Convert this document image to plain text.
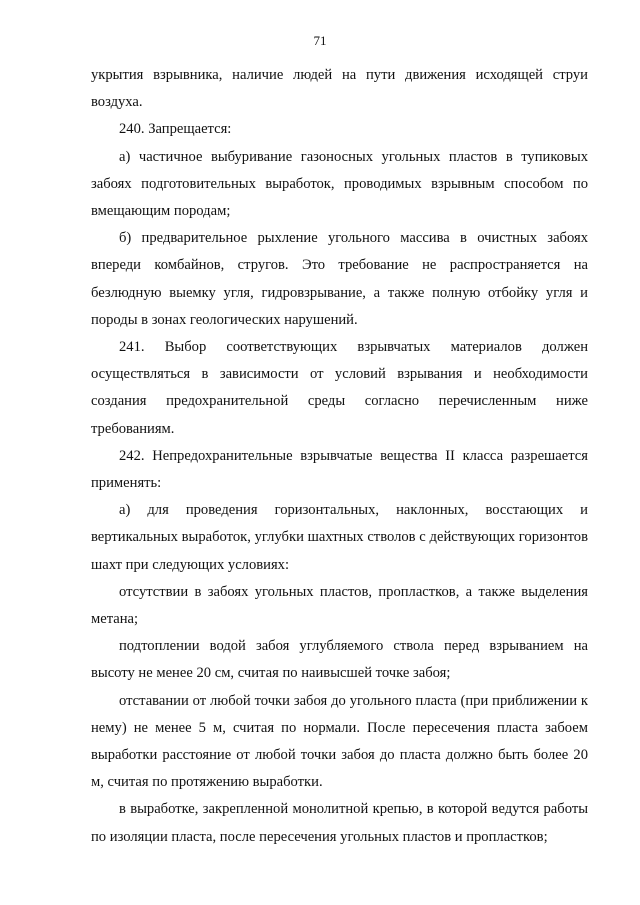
71

укрытия взрывника, наличие людей на пути движения исходящей струи воздуха.

240. Запрещается:

а) частичное выбуривание газоносных угольных пластов в тупиковых забоях подготовительных выработок, проводимых взрывным способом по вмещающим породам;

б) предварительное рыхление угольного массива в очистных забоях впереди комбайнов, стругов. Это требование не распространяется на безлюдную выемку угля, гидровзрывание, а также полную отбойку угля и породы в зонах геологических нарушений.

241. Выбор соответствующих взрывчатых материалов должен осуществляться в зависимости от условий взрывания и необходимости создания предохранительной среды согласно перечисленным ниже требованиям.

242. Непредохранительные взрывчатые вещества II класса разрешается применять:

а) для проведения горизонтальных, наклонных, восстающих и вертикальных выработок, углубки шахтных стволов с действующих горизонтов шахт при следующих условиях:

отсутствии в забоях угольных пластов, пропластков, а также выделения метана;

подтоплении водой забоя углубляемого ствола перед взрыванием на высоту не менее 20 см, считая по наивысшей точке забоя;

отставании от любой точки забоя до угольного пласта (при приближении к нему) не менее 5 м, считая по нормали. После пересечения пласта забоем выработки расстояние от любой точки забоя до пласта должно быть более 20 м, считая по протяжению выработки.

в выработке, закрепленной монолитной крепью, в которой ведутся работы по изоляции пласта, после пересечения угольных пластов и пропластков;
